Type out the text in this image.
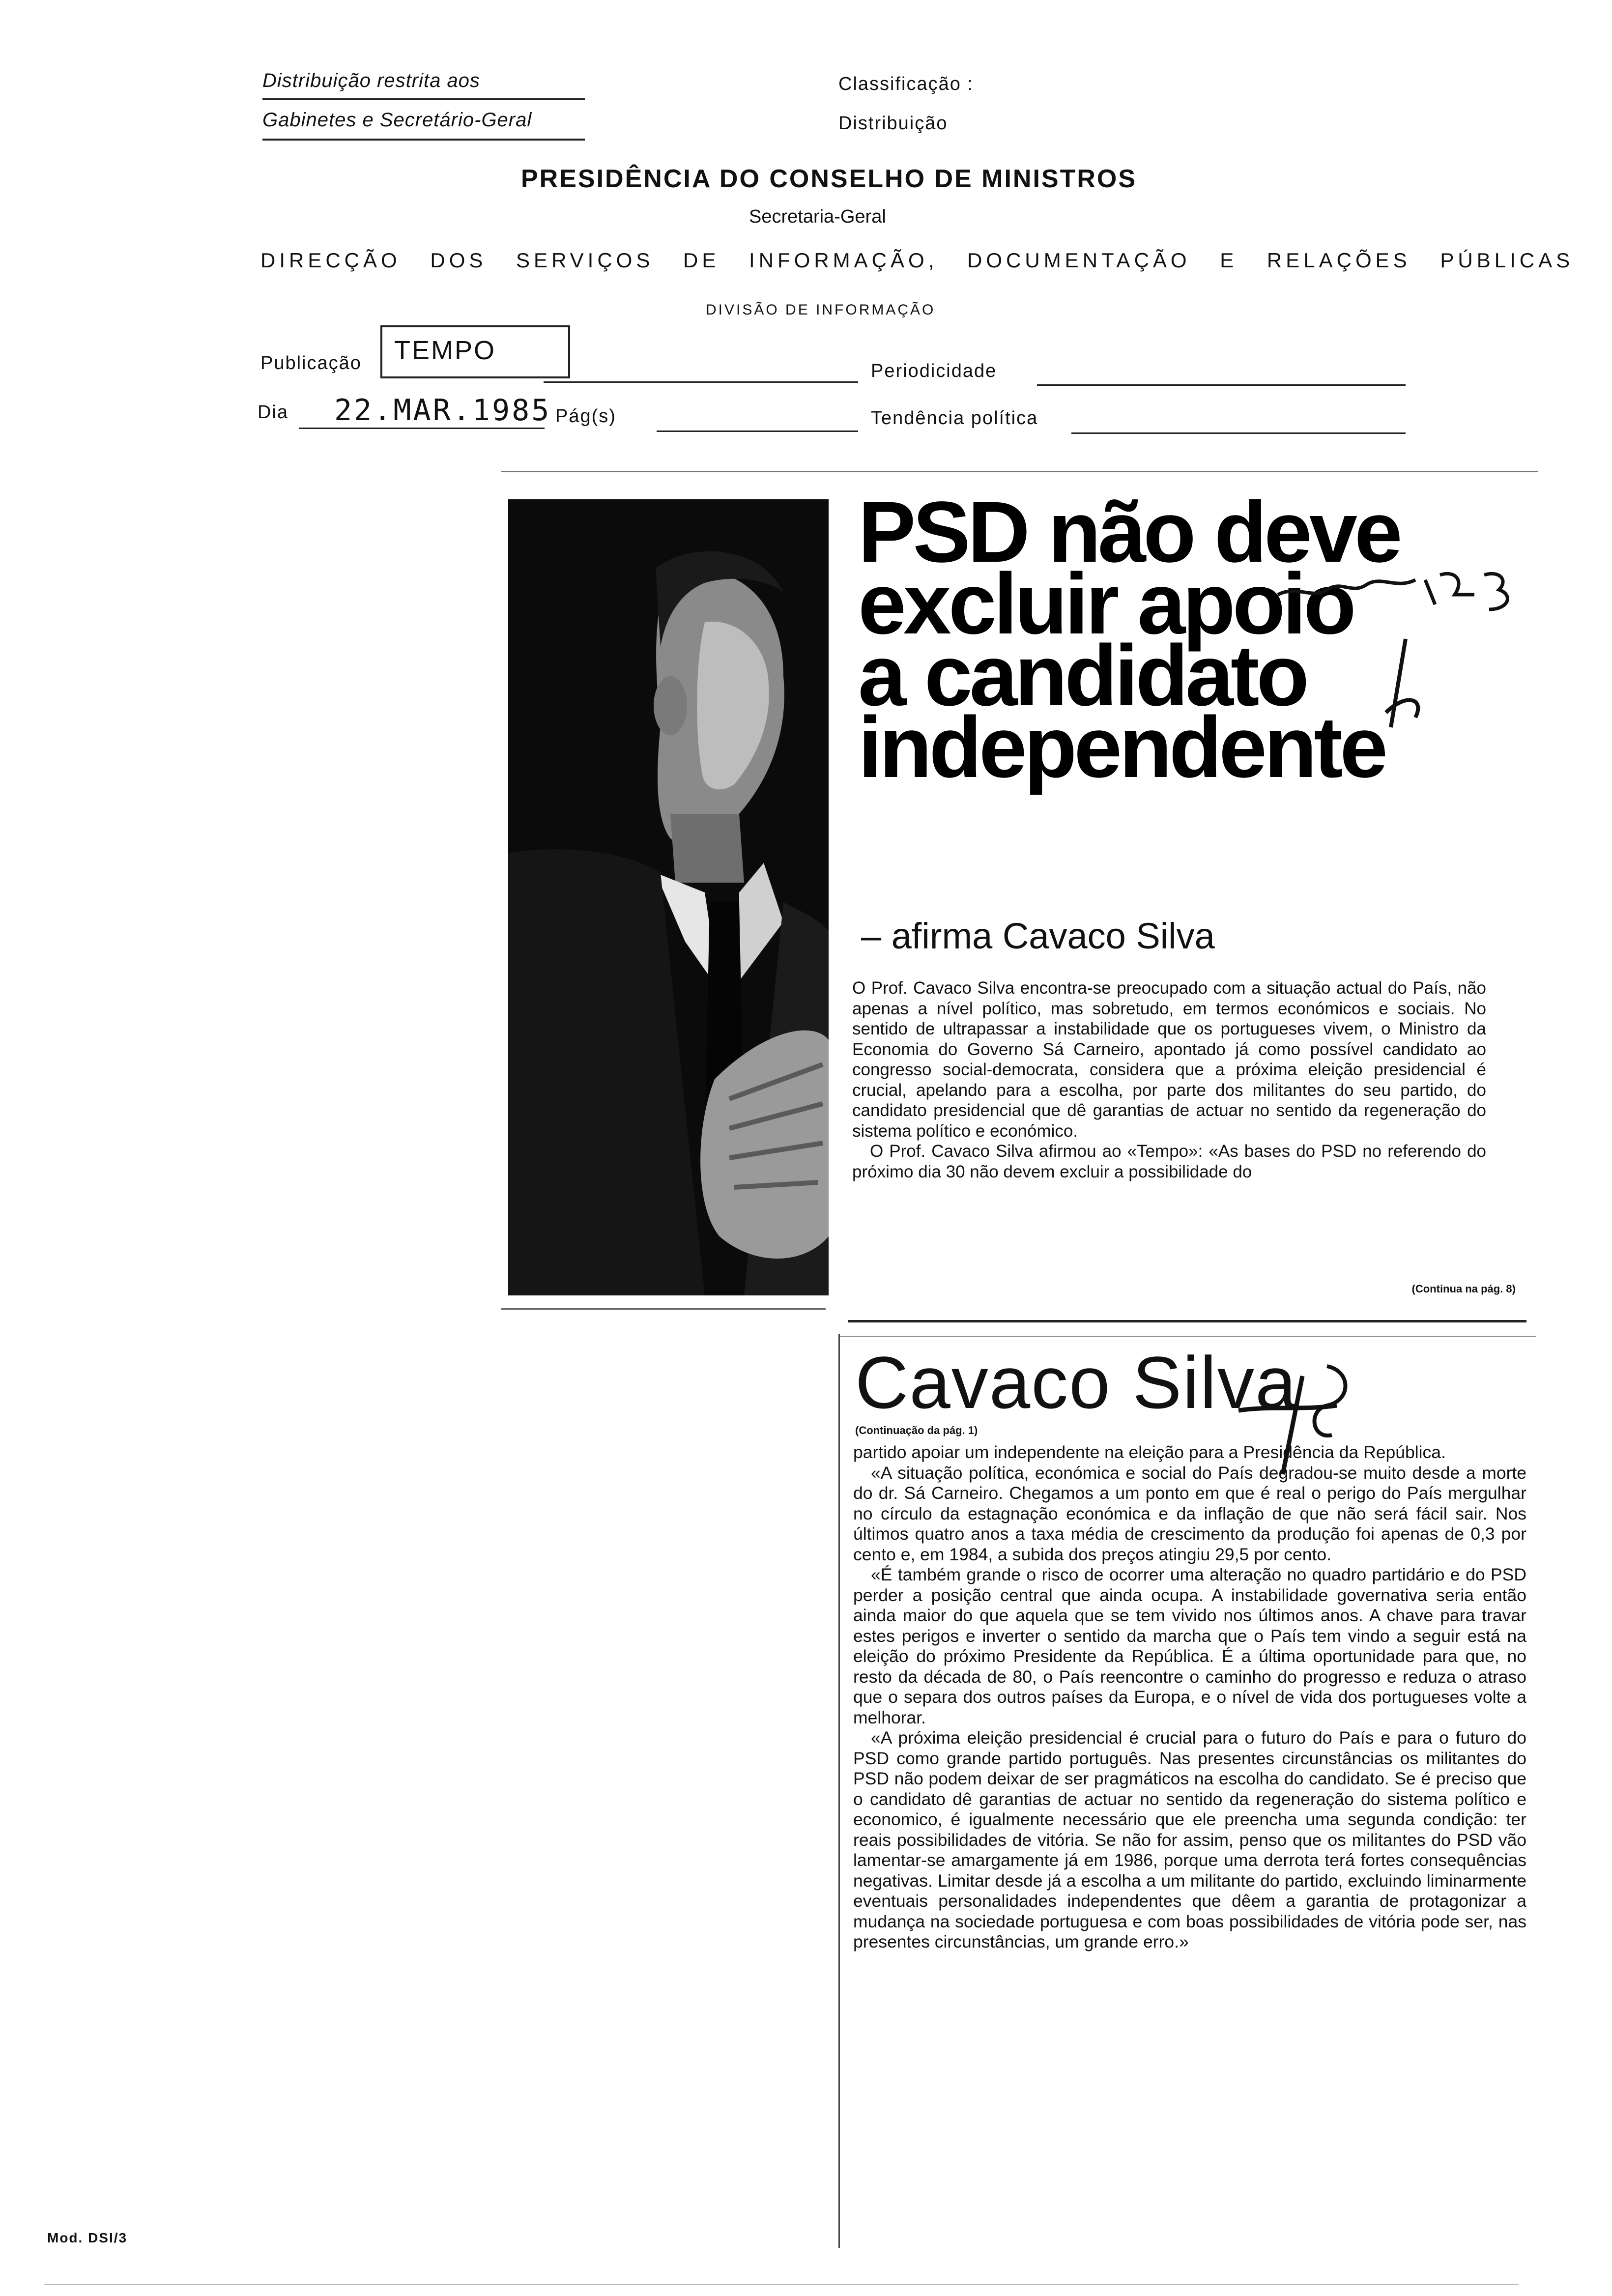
Distribuição restrita aos
Gabinetes e Secretário-Geral
Classificação :
Distribuição
PRESIDÊNCIA DO CONSELHO DE MINISTROS
Secretaria-Geral
DIRECÇÃO DOS SERVIÇOS DE INFORMAÇÃO, DOCUMENTAÇÃO E RELAÇÕES PÚBLICAS
DIVISÃO DE INFORMAÇÃO
Publicação	TEMPO
Periodicidade
Dia 22.MAR.1985 Pág(s)	Tendência política
PSD não deve
excluir apoio
a candidato
independente
– afirma Cavaco Silva

O Prof. Cavaco Silva encontra-se preocupado com a situação actual do País, não apenas a nível político, mas sobretudo, em termos económicos e sociais. No sentido de ultrapassar a instabilidade que os portugueses vivem, o Ministro da Economia do Governo Sá Carneiro, apontado já como possível candidato ao congresso social-democrata, considera que a próxima eleição presidencial é crucial, apelando para a escolha, por parte dos militantes do seu partido, do candidato presidencial que dê garantias de actuar no sentido da regeneração do sistema político e económico.

O Prof. Cavaco Silva afirmou ao «Tempo»: «As bases do PSD no referendo do próximo dia 30 não devem excluir a possibilidade do

(Continua na pág. 8)
Cavaco Silva
(Continuação da pág. 1)

partido apoiar um independente na eleição para a Presidência da República.

«A situação política, económica e social do País degradou-se muito desde a morte do dr. Sá Carneiro. Chegamos a um ponto em que é real o perigo do País mergulhar no círculo da estagnação económica e da inflação de que não será fácil sair. Nos últimos quatro anos a taxa média de crescimento da produção foi apenas de 0,3 por cento e, em 1984, a subida dos preços atingiu 29,5 por cento.

«É também grande o risco de ocorrer uma alteração no quadro partidário e do PSD perder a posição central que ainda ocupa. A instabilidade governativa seria então ainda maior do que aquela que se tem vivido nos últimos anos. A chave para travar estes perigos e inverter o sentido da marcha que o País tem vindo a seguir está na eleição do próximo Presidente da República. É a última oportunidade para que, no resto da década de 80, o País reencontre o caminho do progresso e reduza o atraso que o separa dos outros países da Europa, e o nível de vida dos portugueses volte a melhorar.

«A próxima eleição presidencial é crucial para o futuro do País e para o futuro do PSD como grande partido português. Nas presentes circunstâncias os militantes do PSD não podem deixar de ser pragmáticos na escolha do candidato. Se é preciso que o candidato dê garantias de actuar no sentido da regeneração do sistema político e economico, é igualmente necessário que ele preencha uma segunda condição: ter reais possibilidades de vitória. Se não for assim, penso que os militantes do PSD vão lamentar-se amargamente já em 1986, porque uma derrota terá fortes consequências negativas. Limitar desde já a escolha a um militante do partido, excluindo liminarmente eventuais personalidades independentes que dêem a garantia de protagonizar a mudança na sociedade portuguesa e com boas possibilidades de vitória pode ser, nas presentes circunstâncias, um grande erro.»

Mod. DSI/3
